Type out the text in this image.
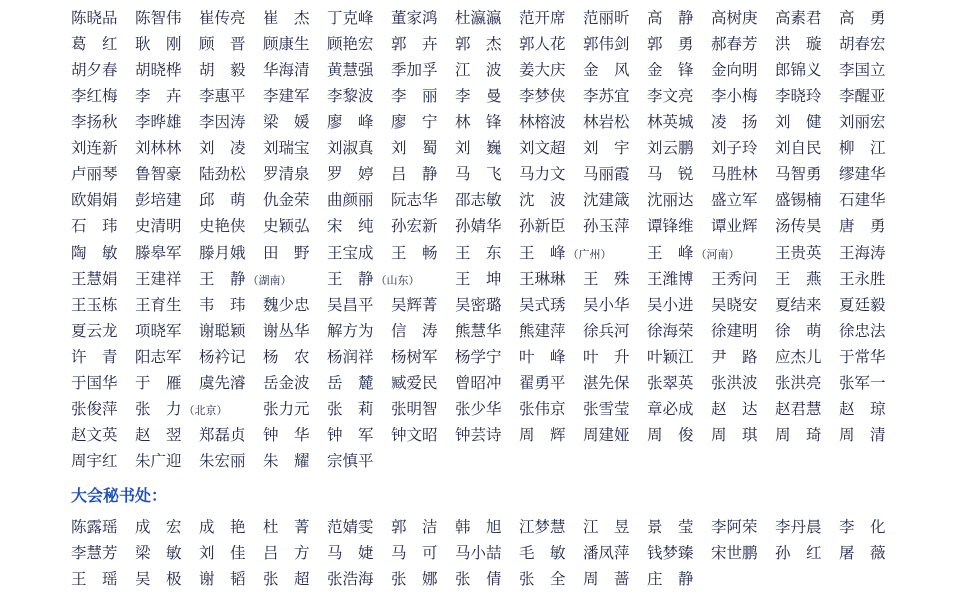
陈晓品 陈智伟 崔传亮 崔 杰 丁克峰 董家鸿 杜瀛瀛 范开席 范丽昕 高 静 高树庚 高素君 高 勇
葛 红 耿 刚 顾 晋 顾康生 顾艳宏 郭 卉 郭 杰 郭人花 郭伟剑 郭 勇 郝春芳 洪 璇 胡春宏
胡夕春 胡晓桦 胡 毅 华海清 黄慧强 季加孚 江 波 姜大庆 金 风 金 锋 金向明 郎锦义 李国立
李红梅 李 卉 李惠平 李建军 李黎波 李 丽 李 曼 李梦侠 李苏宜 李文亮 李小梅 李晓玲 李醒亚
李扬秋 李晔雄 李因涛 梁 媛 廖 峰 廖 宁 林 锋 林榕波 林岩松 林英城 凌 扬 刘 健 刘丽宏
刘连新 刘林林 刘 凌 刘瑞宝 刘淑真 刘 蜀 刘 巍 刘文超 刘 宇 刘云鹏 刘子玲 刘自民 柳 江
卢丽琴 鲁智豪 陆劲松 罗清泉 罗 婷 吕 静 马 飞 马力文 马丽霞 马 锐 马胜林 马智勇 缪建华
欧娟娟 彭培建 邱 萌 仇金荣 曲颜丽 阮志华 邵志敏 沈 波 沈建箴 沈丽达 盛立军 盛锡楠 石建华
石 玮 史清明 史艳侠 史颖弘 宋 纯 孙宏新 孙婧华 孙新臣 孙玉萍 谭锋维 谭业辉 汤传昊 唐 勇
陶 敏 滕皋军 滕月娥 田 野 王宝成 王 畅 王 东 王 峰 （广州） 王 峰 （河南） 王贵英 王海涛
王慧娟 王建祥 王 静 （湖南） 王 静 （山东） 王 坤 王琳琳 王 殊 王潍博 王秀问 王 燕 王永胜
王玉栋 王育生 韦 玮 魏少忠 吴昌平 吴辉菁 吴密璐 吴式琇 吴小华 吴小进 吴晓安 夏结来 夏廷毅
夏云龙 项晓军 谢聪颖 谢丛华 解方为 信 涛 熊慧华 熊建萍 徐兵河 徐海荣 徐建明 徐 萌 徐忠法
许 青 阳志军 杨衿记 杨 农 杨润祥 杨树军 杨学宁 叶 峰 叶 升 叶颖江 尹 路 应杰儿 于常华
于国华 于 雁 虞先濬 岳金波 岳 麓 臧爱民 曾昭冲 翟勇平 湛先保 张翠英 张洪波 张洪亮 张军一
张俊萍 张 力 （北京） 张力元 张 莉 张明智 张少华 张伟京 张雪莹 章必成 赵 达 赵君慧 赵 琼
赵文英 赵 翌 郑磊贞 钟 华 钟 军 钟文昭 钟芸诗 周 辉 周建娅 周 俊 周 琪 周 琦 周 清
周宇红 朱广迎 朱宏丽 朱 耀 宗慎平
大会秘书处：
陈露瑶 成 宏 成 艳 杜 菁 范婧雯 郭 洁 韩 旭 江梦慧 江 昱 景 莹 李阿荣 李丹晨 李 化
李慧芳 梁 敏 刘 佳 吕 方 马 婕 马 可 马小喆 毛 敏 潘凤萍 钱梦臻 宋世鹏 孙 红 屠 薇
王 瑶 吴 极 谢 韬 张 超 张浩海 张 娜 张 倩 张 全 周 蔷 庄 静
